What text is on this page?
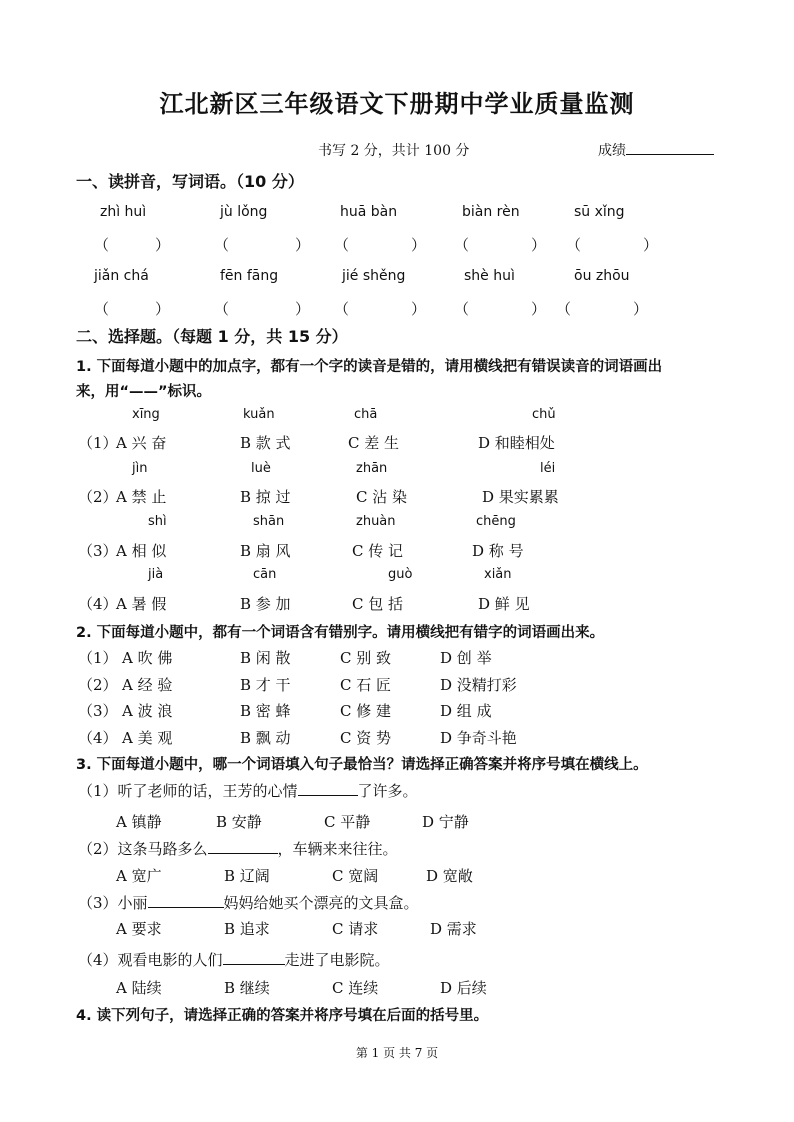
江北新区三年级语文下册期中学业质量监测
书写 2 分，共计 100 分	成绩
一、读拼音，写词语。（10 分）
zhì huì	jù lǒng	huā bàn	biàn rèn	sū xǐng
（	）	（	） （	） （	） （	）
jiǎn chá	fēn fāng	jié shěng	shè huì	ōu zhōu
（	）	（	） （	） （	） （	）
二、选择题。（每题 1 分，共 15 分）
1. 下面每道小题中的加点字，都有一个字的读音是错的，请用横线把有错误读音的词语画出
来，用“——”标识。
xīng	kuǎn	chā	chǔ
（1）
A 兴 奋	B 款 式	C 差 生	D 和睦相处
jìn	luè	zhān	léi
（2）
A 禁 止	B 掠 过	C 沾 染	D 果实累累
shì	shān	zhuàn	chēng
（3）
A 相 似	B 扇 风	C 传 记	D 称 号
jià	cān	guò	xiǎn
（4）
A 暑 假	B 参 加	C 包 括	D 鲜 见
2. 下面每道小题中，都有一个词语含有错别字。请用横线把有错字的词语画出来。
（1） A 吹 佛	B 闲 散	C 别 致	D 创 举
（2） A 经 验	B 才 干	C 石 匠	D 没精打彩
（3） A 波 浪	B 密 蜂	C 修 建	D 组 成
（4） A 美 观	B 飘 动	C 资 势	D 争奇斗艳
3. 下面每道小题中，哪一个词语填入句子最恰当？请选择正确答案并将序号填在横线上。
（1）听了老师的话，王芳的心情	了许多。
A 镇静	B 安静	C 平静	D 宁静
（2）这条马路多么	，车辆来来往往。
A 宽广	B 辽阔	C 宽阔	D 宽敞
（3）小丽	妈妈给她买个漂亮的文具盒。
A 要求	B 追求	C 请求	D 需求
（4）观看电影的人们	走进了电影院。
A 陆续	B 继续	C 连续	D 后续
4. 读下列句子，请选择正确的答案并将序号填在后面的括号里。
第 1 页 共 7 页
